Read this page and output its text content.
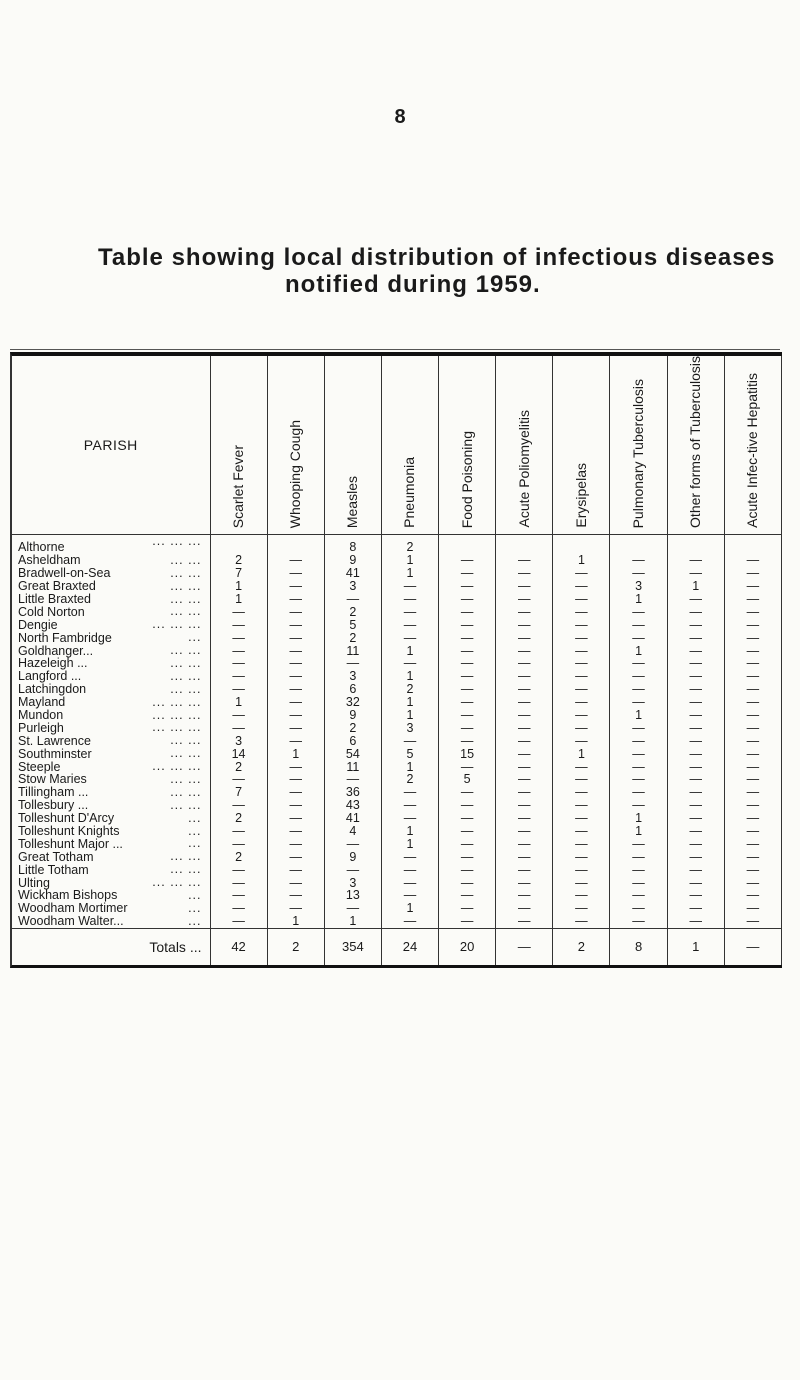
8
Table showing local distribution of infectious diseases
notified during 1959.
PARISH	Scarlet Fever	Whooping Cough	Measles	Pneumonia	Food Poisoning	Acute Poliomyelitis	Erysipelas	Pulmonary Tuberculosis	Other forms of Tuberculosis	Acute Infec-tive Hepatitis

Althorne ... ... ...			8	2						
Asheldham ... ...	2	—	9	1	—	—	1	—	—	—
Bradwell-on-Sea ... ...	7	—	41	1	—	—	—	—	—	—
Great Braxted ... ...	1	—	3	—	—	—	—	3	1	—
Little Braxted ... ...	1	—	—	—	—	—	—	1	—	—
Cold Norton ... ...	—	—	2	—	—	—	—	—	—	—
Dengie ... ... ...	—	—	5	—	—	—	—	—	—	—
North Fambridge ...	—	—	2	—	—	—	—	—	—	—
Goldhanger... ... ...	—	—	11	1	—	—	—	1	—	—
Hazeleigh ... ... ...	—	—	—	—	—	—	—	—	—	—
Langford ... ... ...	—	—	3	1	—	—	—	—	—	—
Latchingdon ... ...	—	—	6	2	—	—	—	—	—	—
Mayland ... ... ...	1	—	32	1	—	—	—	—	—	—
Mundon ... ... ...	—	—	9	1	—	—	—	1	—	—
Purleigh ... ... ...	—	—	2	3	—	—	—	—	—	—
St. Lawrence ... ...	3	—	6	—	—	—	—	—	—	—
Southminster ... ...	14	1	54	5	15	—	1	—	—	—
Steeple ... ... ...	2	—	11	1	—	—	—	—	—	—
Stow Maries ... ...	—	—	—	2	5	—	—	—	—	—
Tillingham ... ... ...	7	—	36	—	—	—	—	—	—	—
Tollesbury ... ... ...	—	—	43	—	—	—	—	—	—	—
Tolleshunt D'Arcy ...	2	—	41	—	—	—	—	1	—	—
Tolleshunt Knights ...	—	—	4	1	—	—	—	1	—	—
Tolleshunt Major ... ...	—	—	—	1	—	—	—	—	—	—
Great Totham ... ...	2	—	9	—	—	—	—	—	—	—
Little Totham ... ...	—	—	—	—	—	—	—	—	—	—
Ulting ... ... ...	—	—	3	—	—	—	—	—	—	—
Wickham Bishops ...	—	—	13	—	—	—	—	—	—	—
Woodham Mortimer ...	—	—	—	1	—	—	—	—	—	—
Woodham Walter... ...	—	1	1	—	—	—	—	—	—	—
Totals ...	42	2	354	24	20	—	2	8	1	—
